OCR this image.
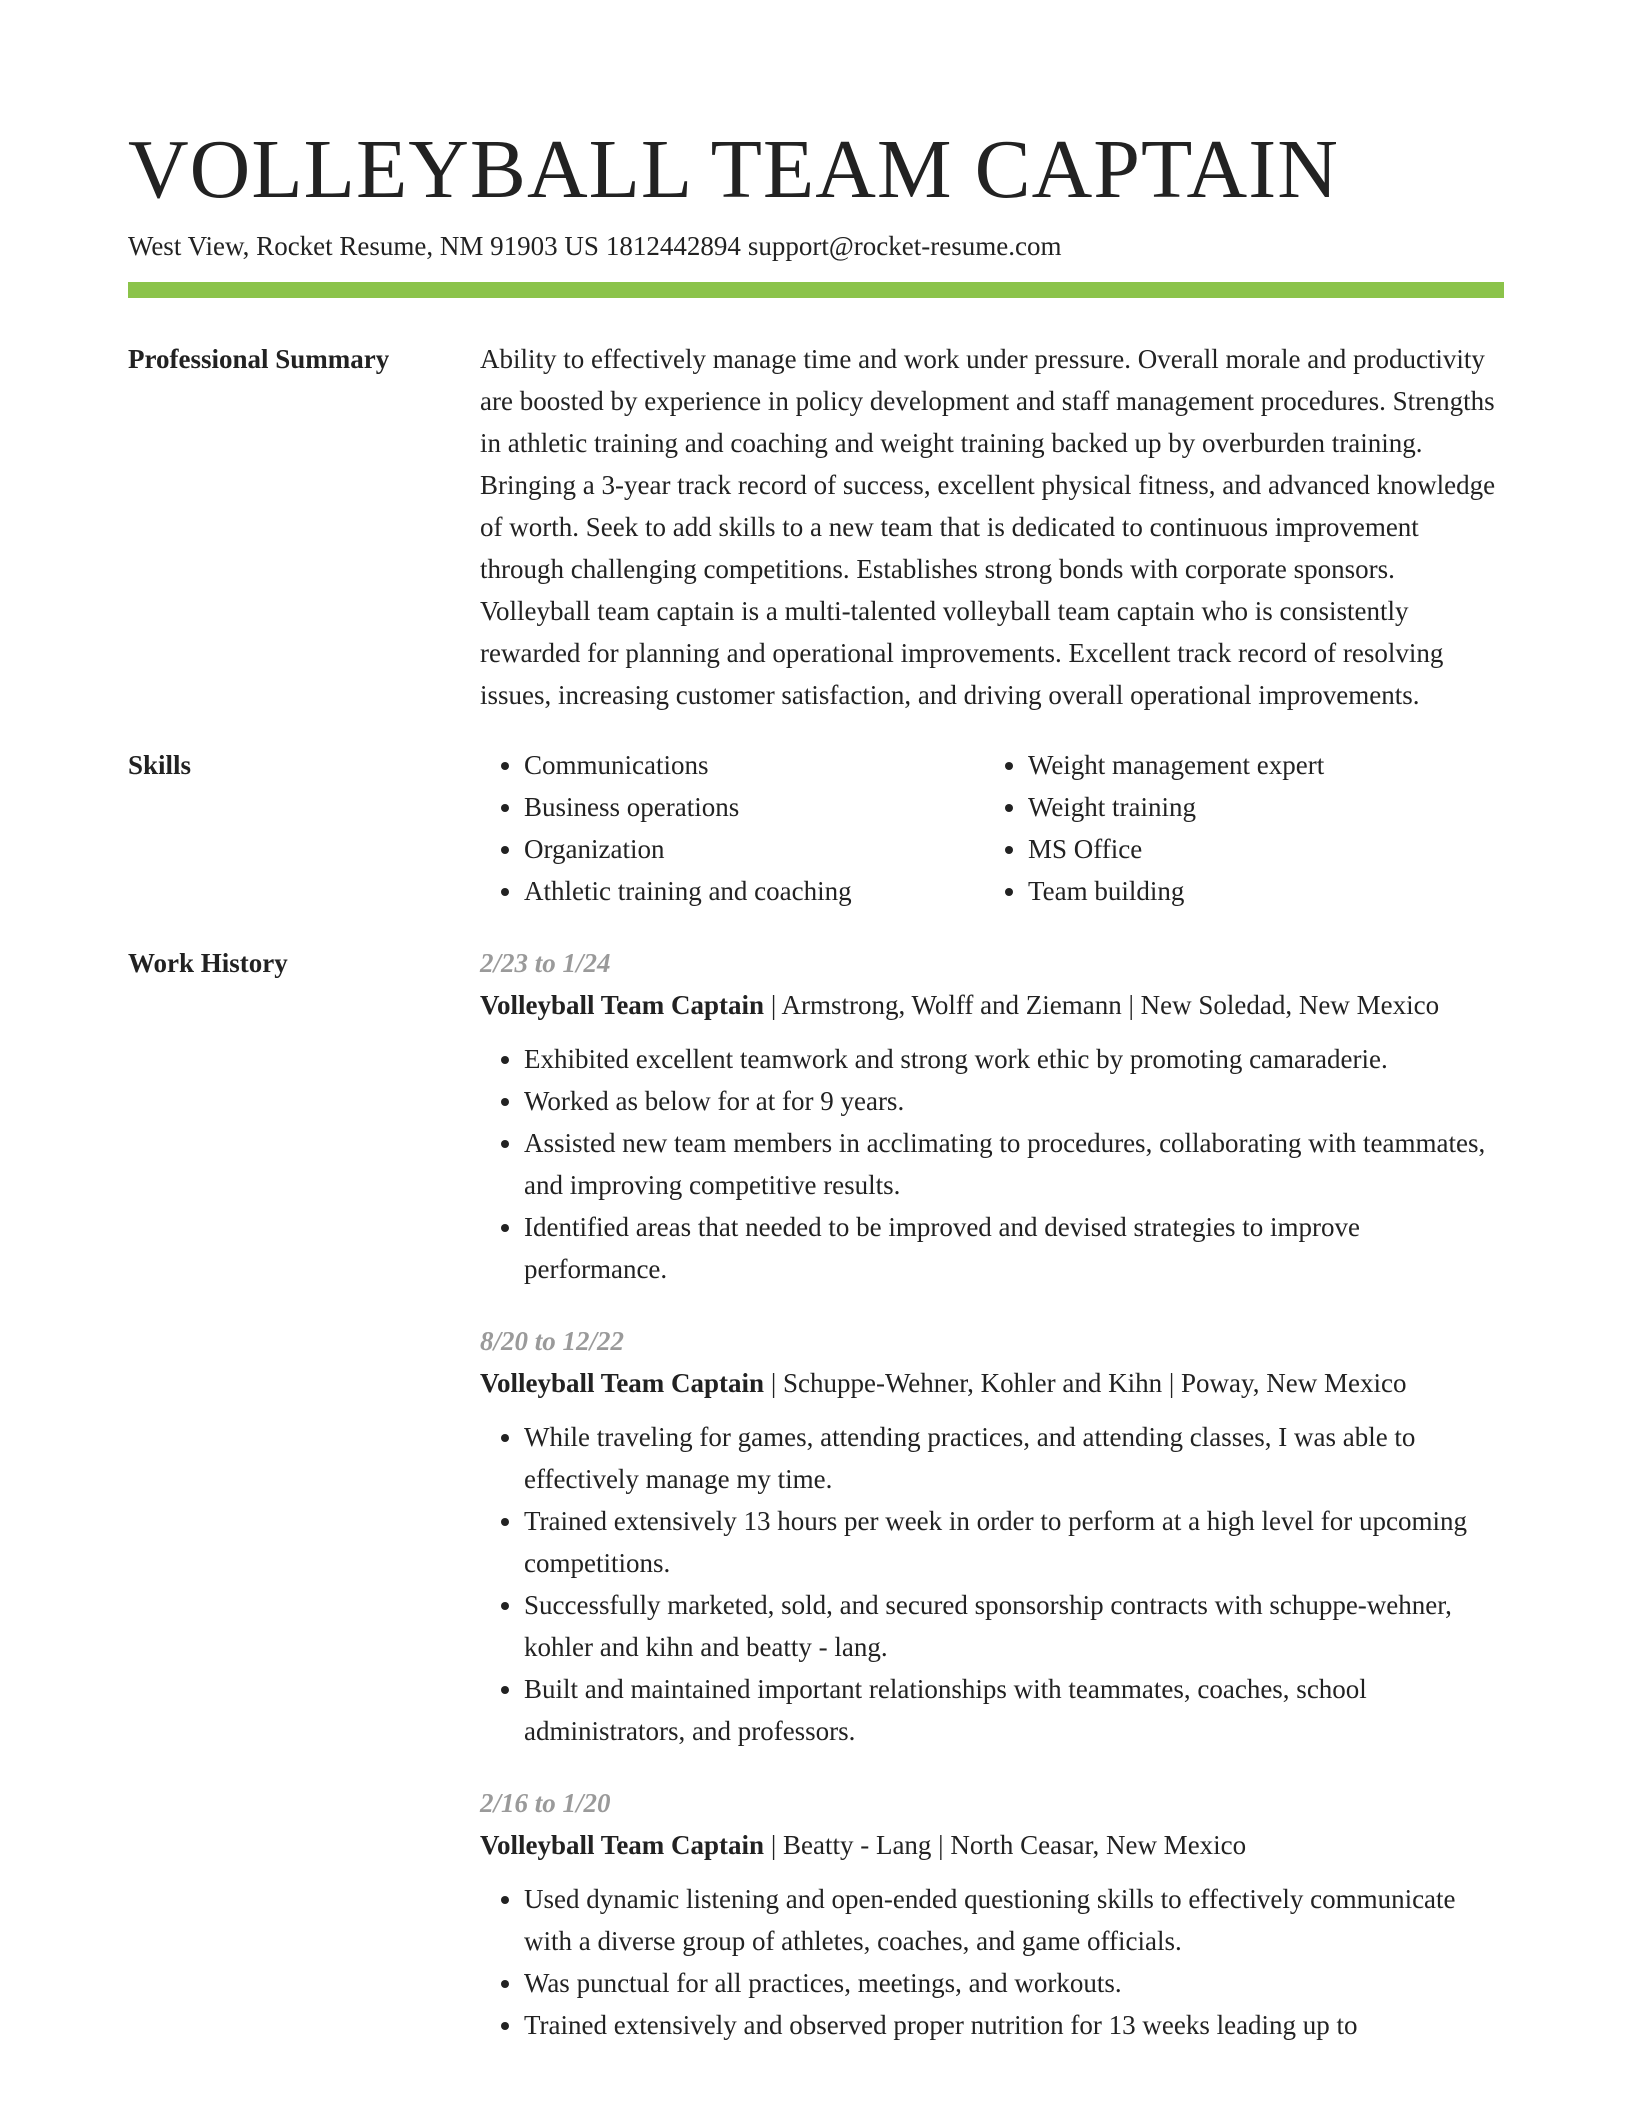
VOLLEYBALL TEAM CAPTAIN
West View, Rocket Resume, NM 91903 US 1812442894 support@rocket-resume.com
Professional Summary	Ability to effectively manage time and work under pressure. Overall morale and productivity are boosted by experience in policy development and staff management procedures. Strengths in athletic training and coaching and weight training backed up by overburden training. Bringing a 3-year track record of success, excellent physical fitness, and advanced knowledge of worth. Seek to add skills to a new team that is dedicated to continuous improvement through challenging competitions. Establishes strong bonds with corporate sponsors. Volleyball team captain is a multi-talented volleyball team captain who is consistently rewarded for planning and operational improvements. Excellent track record of resolving issues, increasing customer satisfaction, and driving overall operational improvements.

Skills
•	Communications
• Business operations
• Organization
• Athletic training and coaching
• Weight management expert
• Weight training
• MS Office
• Team building
Work History	2/23 to 1/24
Volleyball Team Captain | Armstrong, Wolff and Ziemann | New Soledad, New Mexico
• Exhibited excellent teamwork and strong work ethic by promoting camaraderie.
• Worked as below for at for 9 years.
• Assisted new team members in acclimating to procedures, collaborating with teammates, and improving competitive results.
• Identified areas that needed to be improved and devised strategies to improve performance.
8/20 to 12/22
Volleyball Team Captain | Schuppe-Wehner, Kohler and Kihn | Poway, New Mexico
• While traveling for games, attending practices, and attending classes, I was able to effectively manage my time.
• Trained extensively 13 hours per week in order to perform at a high level for upcoming competitions.
• Successfully marketed, sold, and secured sponsorship contracts with schuppe-wehner, kohler and kihn and beatty - lang.
• Built and maintained important relationships with teammates, coaches, school administrators, and professors.
2/16 to 1/20
Volleyball Team Captain | Beatty - Lang | North Ceasar, New Mexico
• Used dynamic listening and open-ended questioning skills to effectively communicate with a diverse group of athletes, coaches, and game officials.
• Was punctual for all practices, meetings, and workouts.
• Trained extensively and observed proper nutrition for 13 weeks leading up to
